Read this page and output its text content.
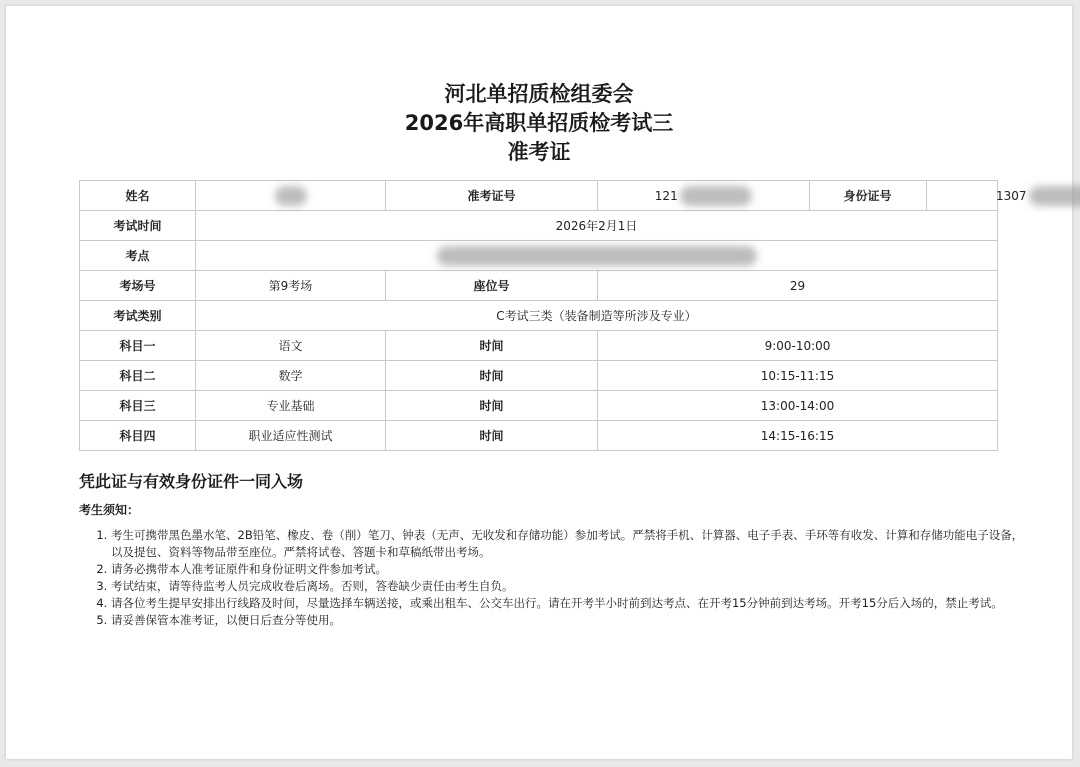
河北单招质检组委会
2026年高职单招质检考试三
准考证
姓名		准考证号		121	身份证号	1307

考试时间	2026年2月1日
考点	
考场号	第9考场	座位号	29
考试类别	C考试三类（装备制造等所涉及专业）
科目一	语文	时间	9:00-10:00
科目二	数学	时间	10:15-11:15
科目三	专业基础	时间	13:00-14:00
科目四	职业适应性测试	时间	14:15-16:15
凭此证与有效身份证件一同入场
考生须知：
1. 考生可携带黑色墨水笔、2B铅笔、橡皮、卷（削）笔刀、钟表（无声、无收发和存储功能）参加考试。严禁将手机、计算器、电子手表、手环等有收发、计算和存储功能电子设备，以及提包、资料等物品带至座位。严禁将试卷、答题卡和草稿纸带出考场。
2. 请务必携带本人准考证原件和身份证明文件参加考试。
3. 考试结束，请等待监考人员完成收卷后离场。否则，答卷缺少责任由考生自负。
4. 请各位考生提早安排出行线路及时间，尽量选择车辆送接，或乘出租车、公交车出行。请在开考半小时前到达考点、在开考15分钟前到达考场。开考15分后入场的，禁止考试。
5. 请妥善保管本准考证，以便日后查分等使用。
